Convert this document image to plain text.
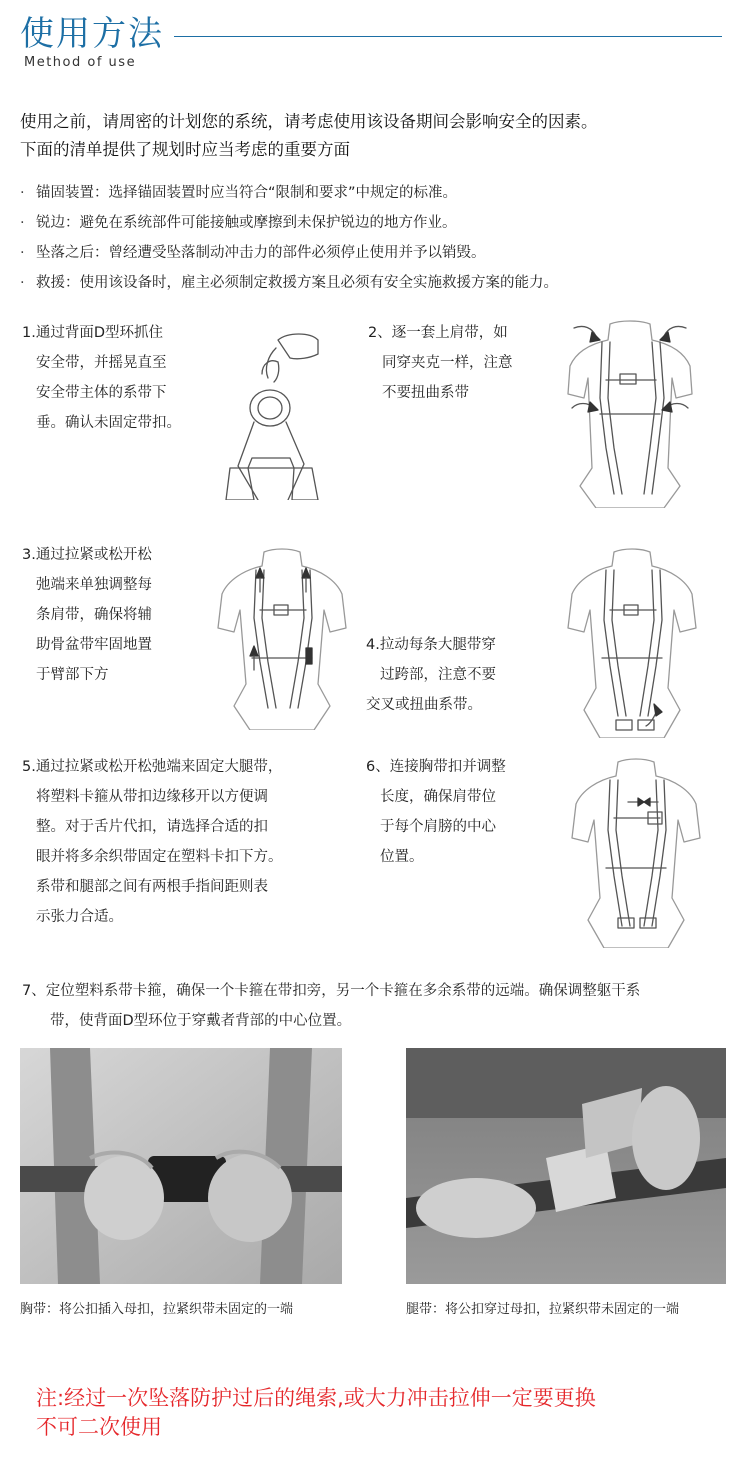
使用方法
Method of use
使用之前，请周密的计划您的系统，请考虑使用该设备期间会影响安全的因素。
下面的清单提供了规划时应当考虑的重要方面
· 锚固装置：选择锚固装置时应当符合“限制和要求”中规定的标准。
· 锐边：避免在系统部件可能接触或摩擦到未保护锐边的地方作业。
· 坠落之后：曾经遭受坠落制动冲击力的部件必须停止使用并予以销毁。
· 救援：使用该设备时，雇主必须制定救援方案且必须有安全实施救援方案的能力。
1.通过背面D型环抓住
安全带，并摇晃直至
安全带主体的系带下
垂。确认未固定带扣。
2、逐一套上肩带，如
同穿夹克一样，注意
不要扭曲系带
3.通过拉紧或松开松
弛端来单独调整每
条肩带，确保将辅
助骨盆带牢固地置
于臂部下方
4.拉动每条大腿带穿
过跨部，注意不要
交叉或扭曲系带。
5.通过拉紧或松开松弛端来固定大腿带，
将塑料卡箍从带扣边缘移开以方便调
整。对于舌片代扣，请选择合适的扣
眼并将多余织带固定在塑料卡扣下方。
系带和腿部之间有两根手指间距则表
示张力合适。
6、连接胸带扣并调整
长度，确保肩带位
于每个肩膀的中心
位置。
7、定位塑料系带卡箍，确保一个卡箍在带扣旁，另一个卡箍在多余系带的远端。确保调整躯干系
带，使背面D型环位于穿戴者背部的中心位置。
胸带：将公扣插入母扣，拉紧织带未固定的一端	腿带：将公扣穿过母扣，拉紧织带未固定的一端
注:经过一次坠落防护过后的绳索,或大力冲击拉伸一定要更换
不可二次使用
